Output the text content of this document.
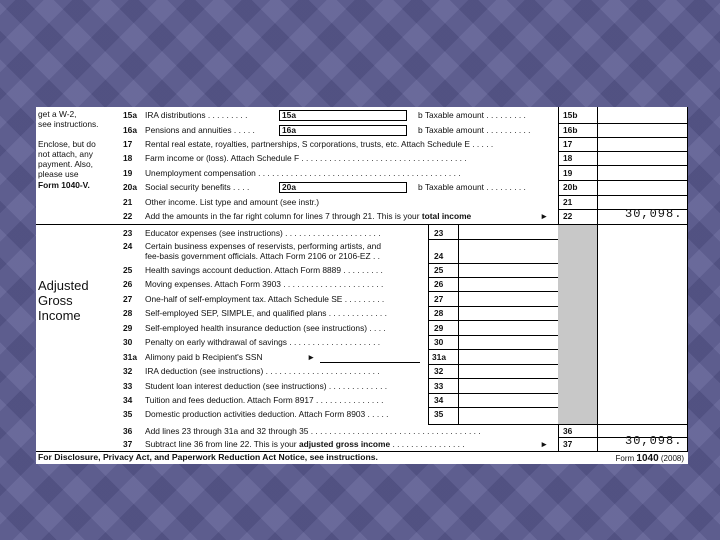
get a W-2,
see instructions.
Enclose, but do
not attach, any
payment. Also,
please use
Form 1040-V.
Adjusted
Gross
Income
15a IRA distributions . . . . . . . . .	15a	b Taxable amount . . . . . . . . .	15b
16a Pensions and annuities . . . . .	16a	b Taxable amount . . . . . . . . . .	16b
17 Rental real estate, royalties, partnerships, S corporations, trusts, etc. Attach Schedule E . . . . .	17
18 Farm income or (loss). Attach Schedule F . . . . . . . . . . . . . . . . . . . . . . . . . . . . . . . . . . . .	18
19 Unemployment compensation . . . . . . . . . . . . . . . . . . . . . . . . . . . . . . . . . . . . . . . . . . . .	19
20a Social security benefits . . . .	20a	b Taxable amount . . . . . . . . .	20b
21 Other income. List type and amount (see instr.)	21
22 Add the amounts in the far right column for lines 7 through 21. This is your total income	► 22	30,098.
23 Educator expenses (see instructions) . . . . . . . . . . . . . . . . . . . . .	23
24 Certain business expenses of reservists, performing artists, and
fee-basis government officials. Attach Form 2106 or 2106-EZ . .	24
25 Health savings account deduction. Attach Form 8889 . . . . . . . . .	25
26 Moving expenses. Attach Form 3903 . . . . . . . . . . . . . . . . . . . . . .	26
27 One-half of self-employment tax. Attach Schedule SE . . . . . . . . .	27
28 Self-employed SEP, SIMPLE, and qualified plans . . . . . . . . . . . . .	28
29 Self-employed health insurance deduction (see instructions) . . . .	29
30 Penalty on early withdrawal of savings . . . . . . . . . . . . . . . . . . . .	30
31a Alimony paid b Recipient's SSN	►	31a
32 IRA deduction (see instructions) . . . . . . . . . . . . . . . . . . . . . . . . .	32
33 Student loan interest deduction (see instructions) . . . . . . . . . . . . .	33
34 Tuition and fees deduction. Attach Form 8917 . . . . . . . . . . . . . . .	34
35 Domestic production activities deduction. Attach Form 8903 . . . . .	35
36 Add lines 23 through 31a and 32 through 35 . . . . . . . . . . . . . . . . . . . . . . . . . . . . . . . . . . . . .	36
37 Subtract line 36 from line 22. This is your adjusted gross income . . . . . . . . . . . . . . . .	► 37	30,098.
For Disclosure, Privacy Act, and Paperwork Reduction Act Notice, see instructions.	Form 1040 (2008)
